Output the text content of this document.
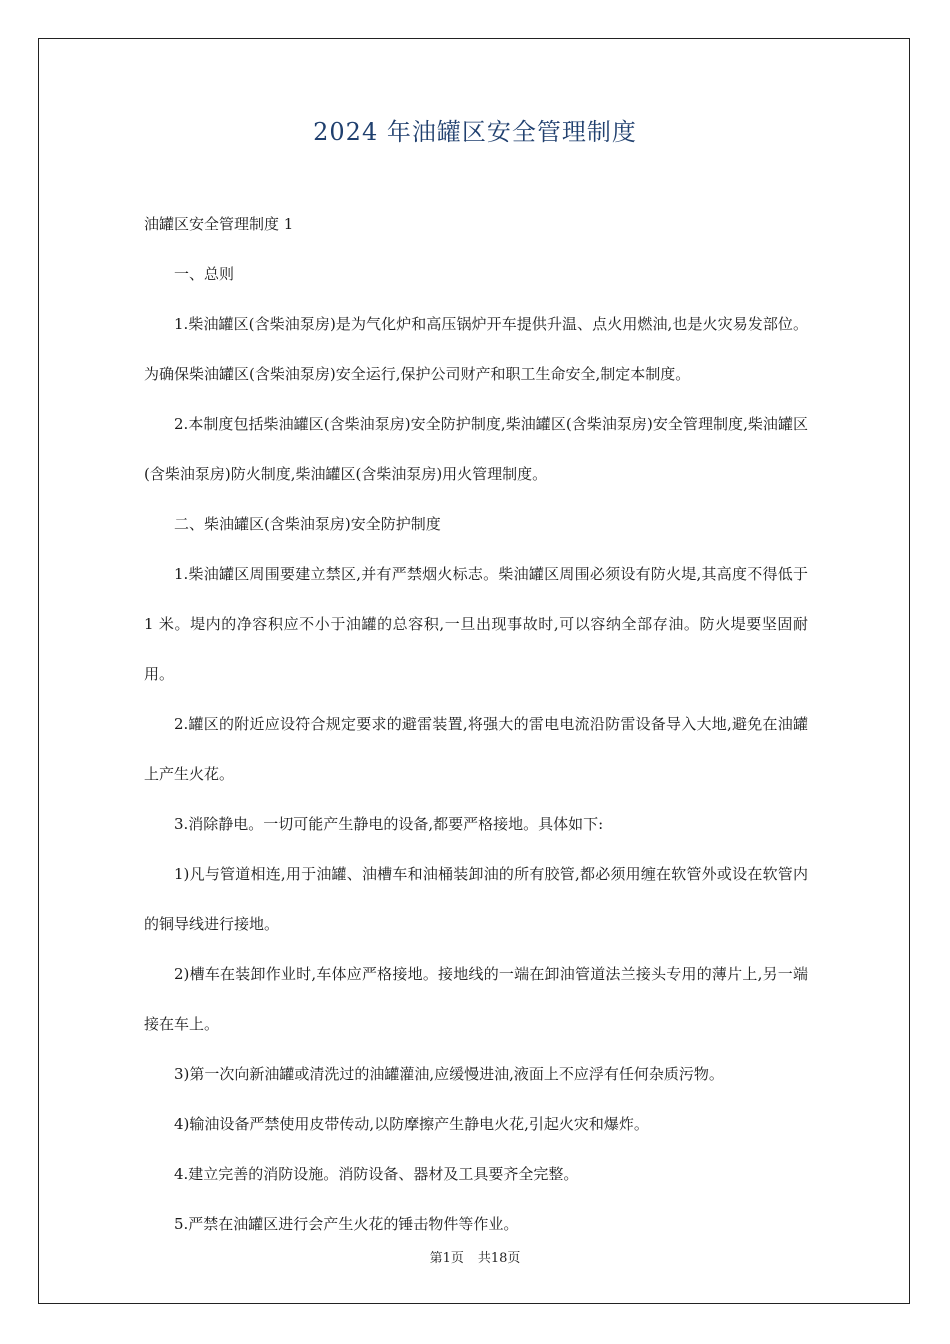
2024 年油罐区安全管理制度

油罐区安全管理制度 1

一、总则

1.柴油罐区(含柴油泵房)是为气化炉和高压锅炉开车提供升温、点火用燃油,也是火灾易发部位。为确保柴油罐区(含柴油泵房)安全运行,保护公司财产和职工生命安全,制定本制度。

2.本制度包括柴油罐区(含柴油泵房)安全防护制度,柴油罐区(含柴油泵房)安全管理制度,柴油罐区(含柴油泵房)防火制度,柴油罐区(含柴油泵房)用火管理制度。

二、柴油罐区(含柴油泵房)安全防护制度

1.柴油罐区周围要建立禁区,并有严禁烟火标志。柴油罐区周围必须设有防火堤,其高度不得低于 1 米。堤内的净容积应不小于油罐的总容积,一旦出现事故时,可以容纳全部存油。防火堤要坚固耐用。

2.罐区的附近应设符合规定要求的避雷装置,将强大的雷电电流沿防雷设备导入大地,避免在油罐上产生火花。

3.消除静电。一切可能产生静电的设备,都要严格接地。具体如下:

1)凡与管道相连,用于油罐、油槽车和油桶装卸油的所有胶管,都必须用缠在软管外或设在软管内的铜导线进行接地。

2)槽车在装卸作业时,车体应严格接地。接地线的一端在卸油管道法兰接头专用的薄片上,另一端接在车上。

3)第一次向新油罐或清洗过的油罐灌油,应缓慢进油,液面上不应浮有任何杂质污物。

4)输油设备严禁使用皮带传动,以防摩擦产生静电火花,引起火灾和爆炸。

4.建立完善的消防设施。消防设备、器材及工具要齐全完整。

5.严禁在油罐区进行会产生火花的锤击物件等作业。

第1页 共18页
